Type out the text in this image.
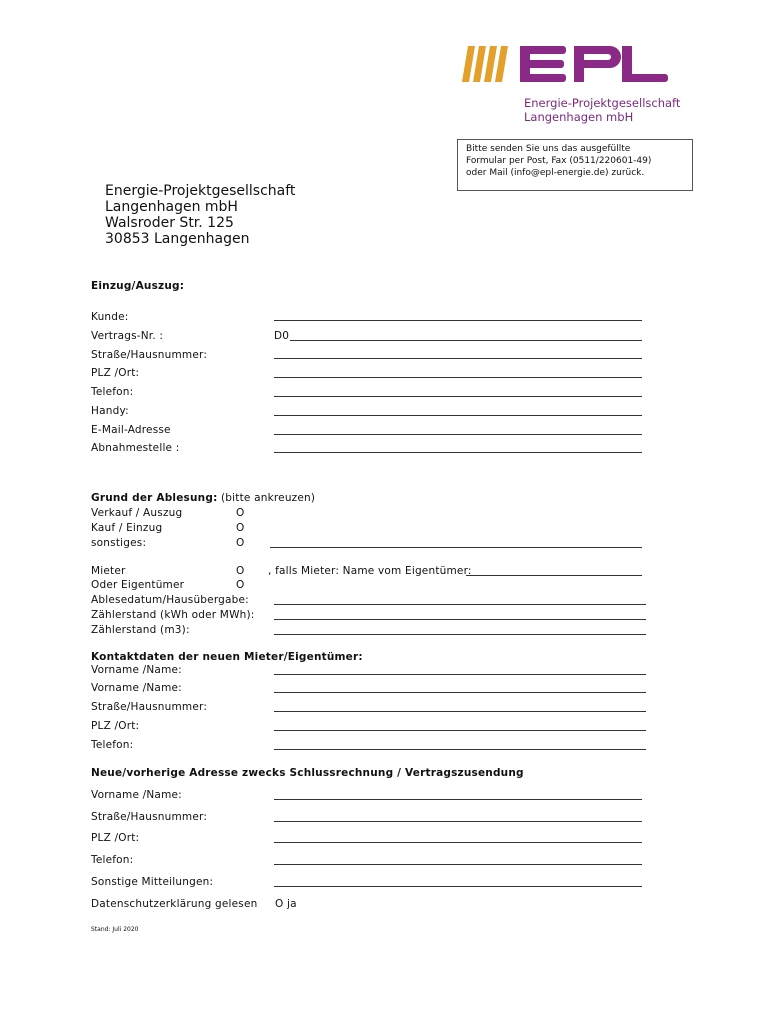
Energie-Projektgesellschaft
Langenhagen mbH
Bitte senden Sie uns das ausgefüllte
Formular per Post, Fax (0511/220601-49)
oder Mail (info@epl-energie.de) zurück.
Energie-Projektgesellschaft
Langenhagen mbH
Walsroder Str. 125
30853 Langenhagen
Einzug/Auszug:
Kunde:
Vertrags-Nr. :	D0
Straße/Hausnummer:
PLZ /Ort:
Telefon:
Handy:
E-Mail-Adresse
Abnahmestelle :
Grund der Ablesung: (bitte ankreuzen)
Verkauf / Auszug	O
Kauf / Einzug	O
sonstiges:	O
Mieter	O , falls Mieter: Name vom Eigentümer:
Oder Eigentümer	O
Ablesedatum/Hausübergabe:
Zählerstand (kWh oder MWh):
Zählerstand (m3):
Kontaktdaten der neuen Mieter/Eigentümer:
Vorname /Name:
Vorname /Name:
Straße/Hausnummer:
PLZ /Ort:
Telefon:
Neue/vorherige Adresse zwecks Schlussrechnung / Vertragszusendung
Vorname /Name:
Straße/Hausnummer:
PLZ /Ort:
Telefon:
Sonstige Mitteilungen:
Datenschutzerklärung gelesen O ja
Stand: Juli 2020
